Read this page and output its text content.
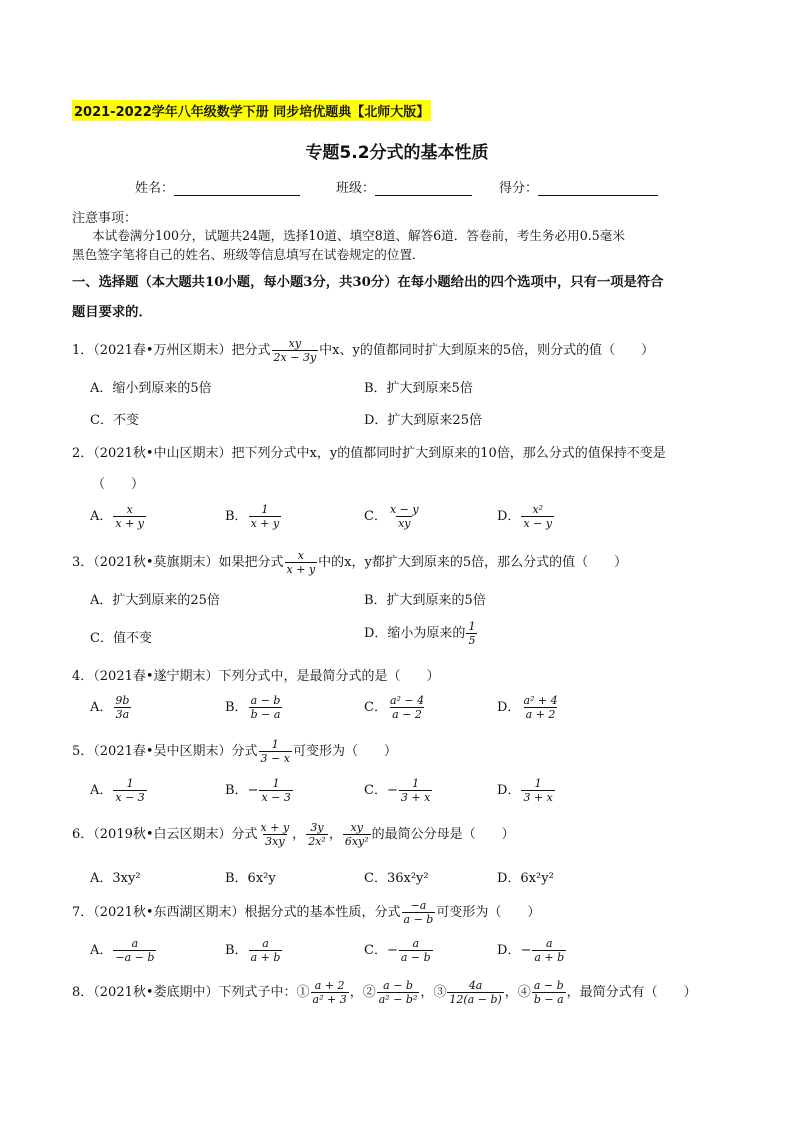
2021-2022学年八年级数学下册 同步培优题典【北师大版】
专题5.2分式的基本性质
姓名：	班级：	得分：
注意事项：
本试卷满分100分，试题共24题，选择10道、填空8道、解答6道．答卷前，考生务必用0.5毫米
黑色签字笔将自己的姓名、班级等信息填写在试卷规定的位置．
一、选择题（本大题共10小题，每小题3分，共30分）在每小题给出的四个选项中，只有一项是符合
题目要求的．
1．（2021春•万州区期末）把分式 $\frac{xy}{2x - 3y}$ 中x、y的值都同时扩大到原来的5倍，则分式的值（　　）
A．缩小到原来的5倍	B．扩大到原来5倍
C．不变	D．扩大到原来25倍
2．（2021秋•中山区期末）把下列分式中x，y的值都同时扩大到原来的10倍，那么分式的值保持不变是
（　　）
A． $\frac{x}{x + y}$	B． $\frac{1}{x + y}$	C． $\frac{x - y}{xy}$	D． $\frac{\text{x²}}{x - y}$
3．（2021秋•莫旗期末）如果把分式 $\frac{x}{x + y}$ 中的x，y都扩大到原来的5倍，那么分式的值（　　）
A．扩大到原来的25倍	B．扩大到原来的5倍
C．值不变	D．缩小为原来的 $\frac{1}{5}$
4．（2021春•遂宁期末）下列分式中，是最简分式的是（　　）
A． $\frac{9b}{3a}$	B． $\frac{a - b}{b - a}$	C． $\frac{\text{a² − 4}}{a - 2}$	D． $\frac{\text{a² + 4}}{a + 2}$
5．（2021春•吴中区期末）分式 $\frac{1}{3 - x}$ 可变形为（　　）
A． $\frac{1}{x - 3}$	B．− $\frac{1}{x - 3}$	C．− $\frac{1}{3 + x}$	D． $\frac{1}{3 + x}$
6．（2019秋•白云区期末）分式 $\frac{x + y}{3xy}$ ， $\frac{3y}{\text{2x²}}$ ， $\frac{xy}{\text{6xy²}}$ 的最简公分母是（　　）
A．3xy²	B．6x²y	C．36x²y²	D．6x²y²
7．（2021秋•东西湖区期末）根据分式的基本性质，分式 $\frac{-a}{a - b}$ 可变形为（　　）
A． $\frac{a}{-a - b}$	B． $\frac{a}{a + b}$	C．− $\frac{a}{a - b}$	D．− $\frac{a}{a + b}$
8．（2021秋•娄底期中）下列式子中：① $\frac{a + 2}{\text{a² + 3}}$ ，② $\frac{a - b}{\text{a² − b²}}$ ，③ $\frac{4a}{12(a - b)}$ ，④ $\frac{a - b}{b - a}$ ，最简分式有（　　）
